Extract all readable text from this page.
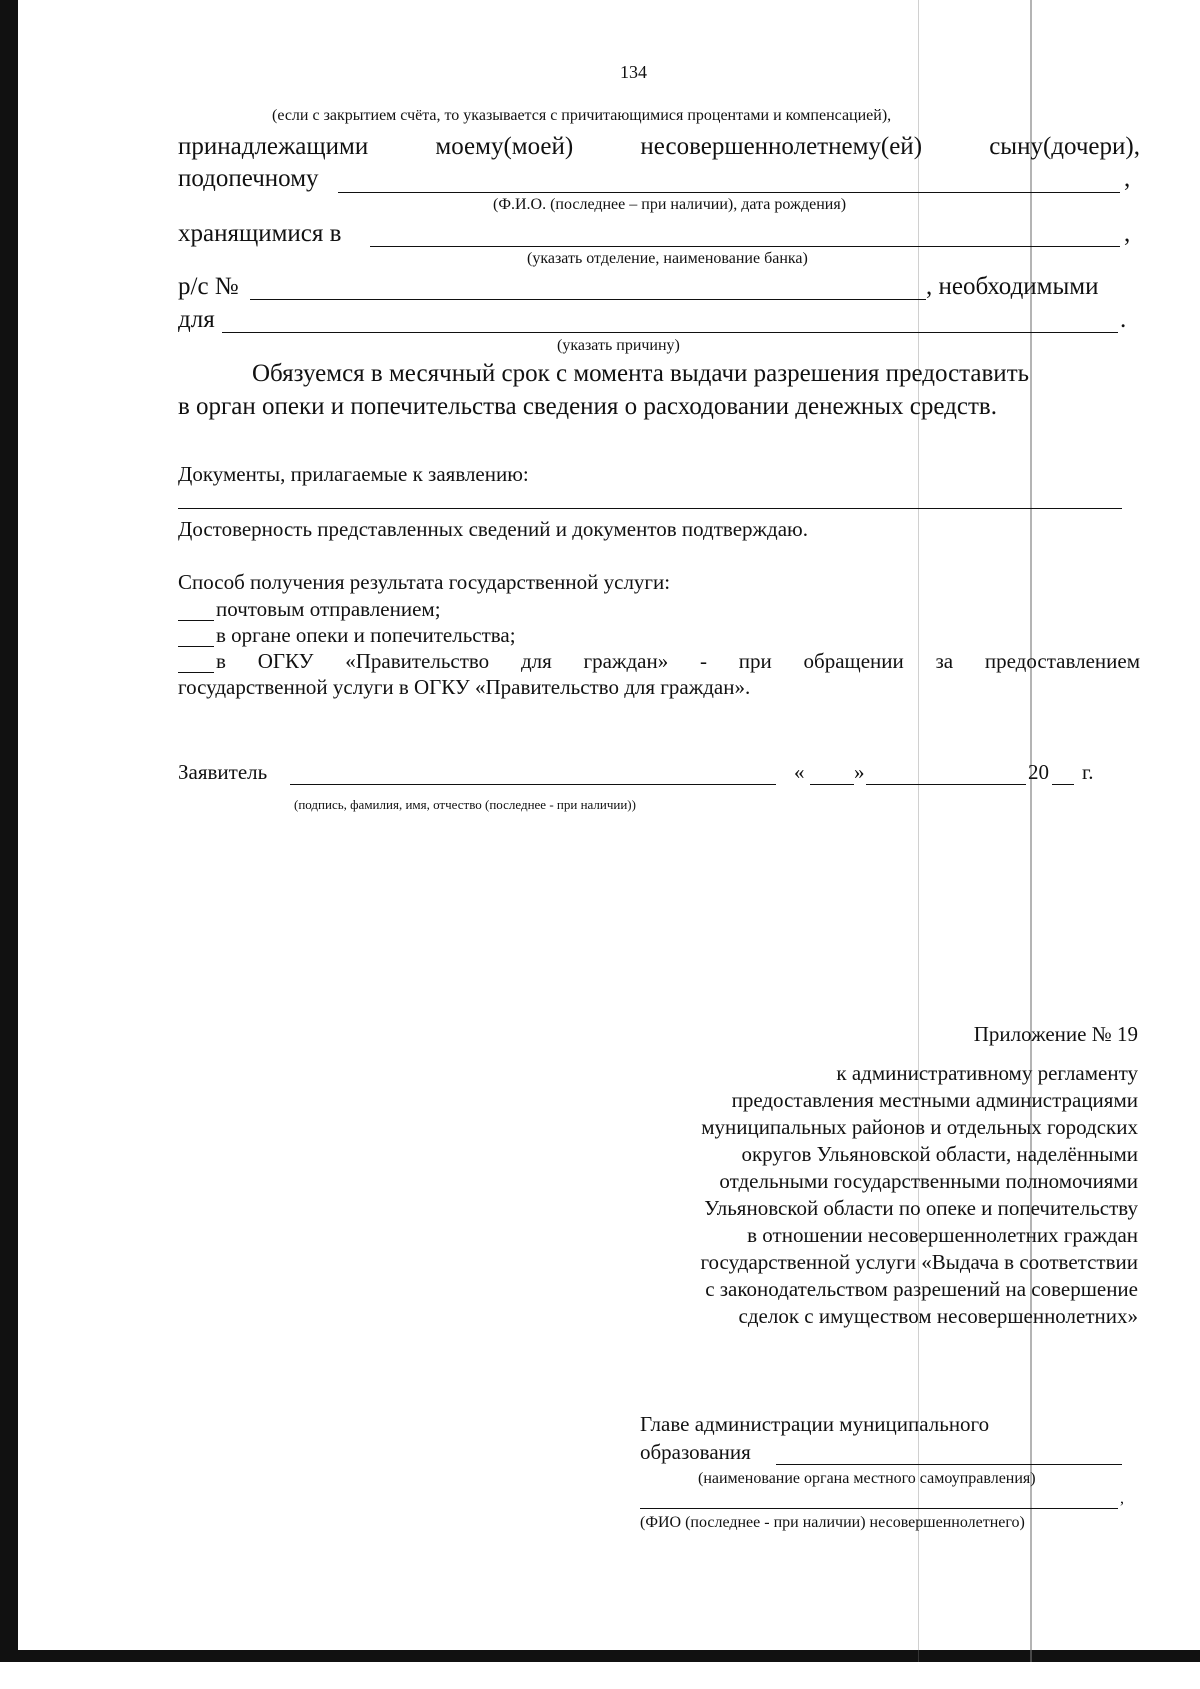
134
(если с закрытием счёта, то указывается с причитающимися процентами и компенсацией),
принадлежащими	моему(моей)	несовершеннолетнему(ей)	сыну(дочери),
подопечному	,
(Ф.И.О. (последнее – при наличии), дата рождения)
хранящимися в	,
(указать отделение, наименование банка)
р/с №	, необходимыми
для	.
(указать причину)
Обязуемся в месячный срок с момента выдачи разрешения предоставить
в орган опеки и попечительства сведения о расходовании денежных средств.
Документы, прилагаемые к заявлению:
Достоверность представленных сведений и документов подтверждаю.
Способ получения результата государственной услуги:
почтовым отправлением;
в органе опеки и попечительства;
в ОГКУ «Правительство для граждан» - при обращении за предоставлением
государственной услуги в ОГКУ «Правительство для граждан».
Заявитель	« »	20 г.
(подпись, фамилия, имя, отчество (последнее - при наличии))
Приложение № 19
к административному регламенту
предоставления местными администрациями
муниципальных районов и отдельных городских
округов Ульяновской области, наделёнными
отдельными государственными полномочиями
Ульяновской области по опеке и попечительству
в отношении несовершеннолетних граждан
государственной услуги «Выдача в соответствии
с законодательством разрешений на совершение
сделок с имуществом несовершеннолетних»
Главе администрации муниципального
образования
(наименование органа местного самоуправления)
,
(ФИО (последнее - при наличии) несовершеннолетнего)
